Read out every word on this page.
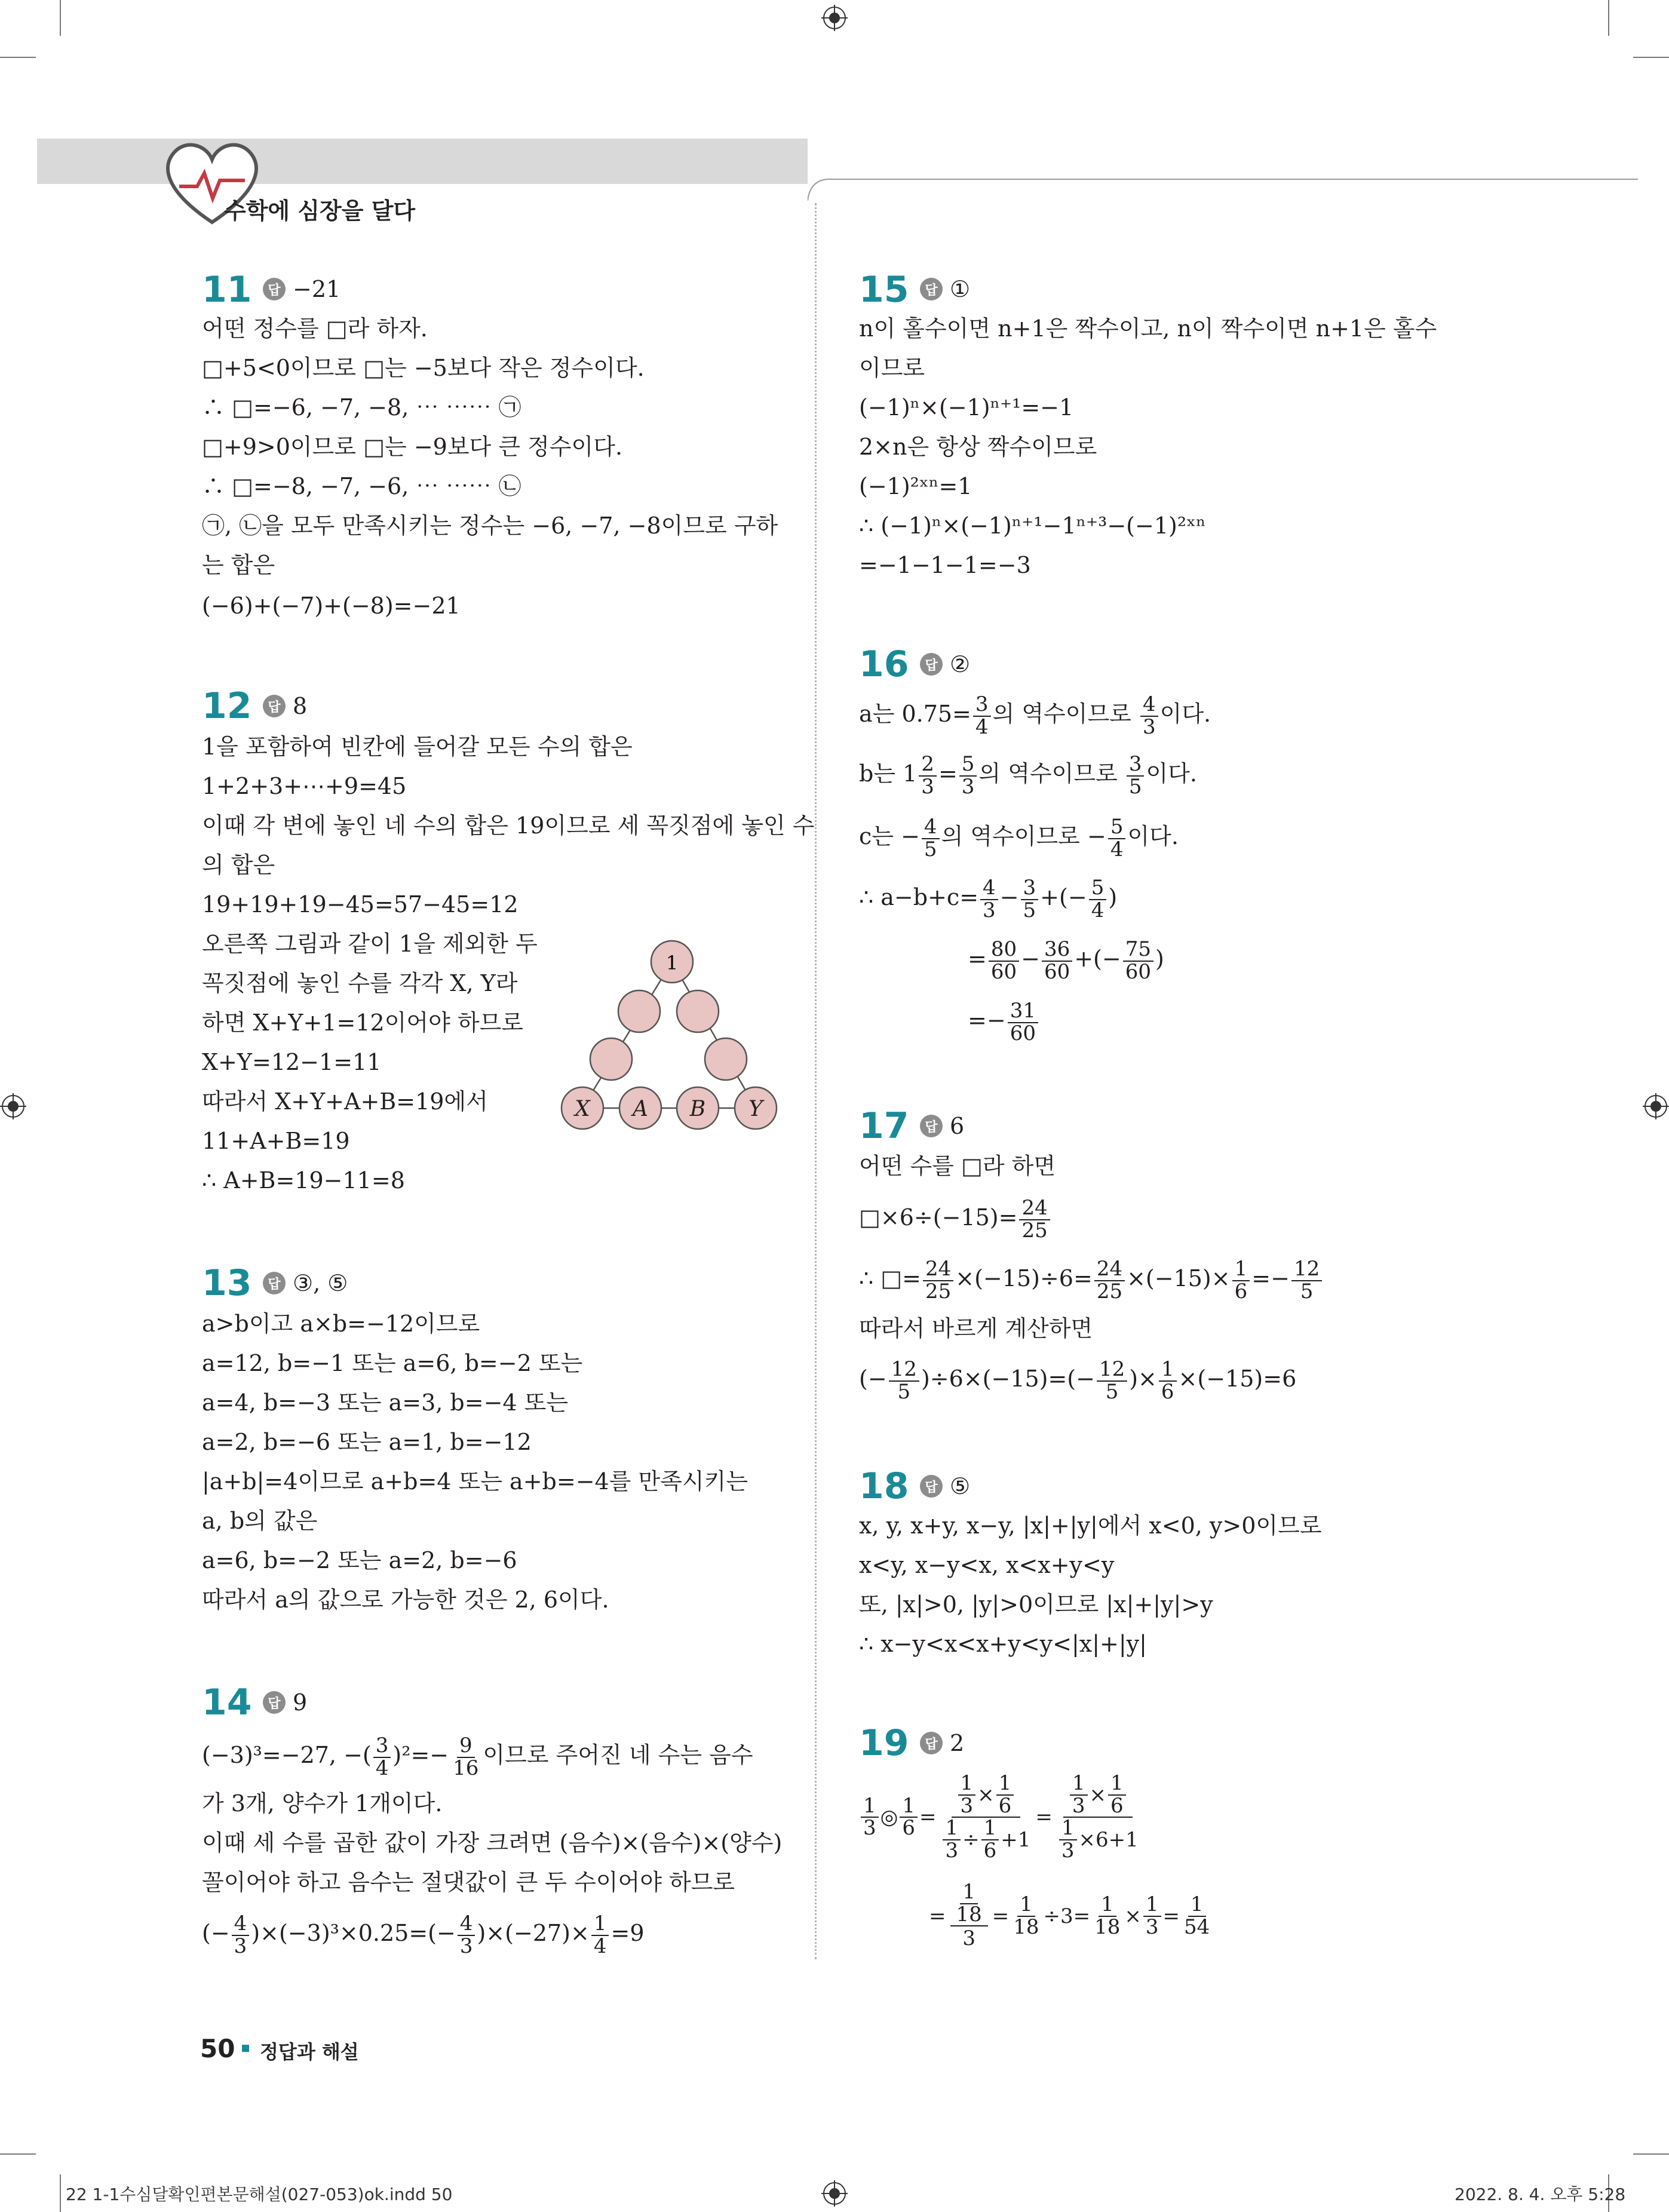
수학에 심장을 달다
11	답 −21
어떤 정수를 □라 하자.
□+5<0이므로 □는 −5보다 작은 정수이다.
∴ □=−6, −7, −8, ⋯ ⋯⋯ ㉠
□+9>0이므로 □는 −9보다 큰 정수이다.
∴ □=−8, −7, −6, ⋯ ⋯⋯ ㉡
㉠, ㉡을 모두 만족시키는 정수는 −6, −7, −8이므로 구하
는 합은
(−6)+(−7)+(−8)=−21
12	답 8
1을 포함하여 빈칸에 들어갈 모든 수의 합은
1+2+3+⋯+9=45
이때 각 변에 놓인 네 수의 합은 19이므로 세 꼭짓점에 놓인 수
의 합은
19+19+19−45=57−45=12
오른쪽 그림과 같이 1을 제외한 두
꼭짓점에 놓인 수를 각각 X, Y라
하면 X+Y+1=12이어야 하므로
X+Y=12−1=11
따라서 X+Y+A+B=19에서
11+A+B=19
∴ A+B=19−11=8
1
X A B Y
13	답 ③, ⑤
a>b이고 a×b=−12이므로
a=12, b=−1 또는 a=6, b=−2 또는
a=4, b=−3 또는 a=3, b=−4 또는
a=2, b=−6 또는 a=1, b=−12
|a+b|=4이므로 a+b=4 또는 a+b=−4를 만족시키는
a, b의 값은
a=6, b=−2 또는 a=2, b=−6
따라서 a의 값으로 가능한 것은 2, 6이다.
14	답 9
(−3)³=−27, −( $\frac{3}{4} )^2=- \frac{9}{16}$ 이므로 주어진 네 수는 음수
가 3개, 양수가 1개이다.
이때 세 수를 곱한 값이 가장 크려면 (음수)×(음수)×(양수)
꼴이어야 하고 음수는 절댓값이 큰 두 수이어야 하므로
(− $\frac{4}{3} )\times(-3)^3\times 0.25=(- \frac{4}{3} )\times(-27)\times \frac{1}{4} =9$
15	답 ①
n이 홀수이면 n+1은 짝수이고, n이 짝수이면 n+1은 홀수
이므로
(−1)ⁿ×(−1)ⁿ⁺¹=−1
2×n은 항상 짝수이므로
(−1)²ˣⁿ=1
∴ (−1)ⁿ×(−1)ⁿ⁺¹−1ⁿ⁺³−(−1)²ˣⁿ
=−1−1−1=−3
16	답 ②
a는 $0.75= \frac{3}{4}$ 의 역수이므로 $\frac{4}{3}$ 이다.
b는 $1 \frac{2}{3} = \frac{5}{3}$ 의 역수이므로 $\frac{3}{5}$ 이다.
c는 − $\frac{4}{5}$ 의 역수이므로 − $\frac{5}{4}$ 이다.
∴ $a-b+c= \frac{4}{3} - \frac{3}{5}$ +(− $\frac{5}{4}$ )
= $\frac{80}{60} - \frac{36}{60}$ +(− $\frac{75}{60}$ )
=− $\frac{31}{60}$
17	답 6
어떤 수를 □라 하면
□×6÷(−15)= $\frac{24}{25}$
∴ □= $\frac{24}{25} \times(-15)\div 6= \frac{24}{25} \times(-15)\times \frac{1}{6} =- \frac{12}{5}$
따라서 바르게 계산하면
(− $\frac{12}{5} )\div 6\times(-15)=(- \frac{12}{5}$ )× $\frac{1}{6} \times(-15)=6$
18	답 ⑤
x, y, x+y, x−y, |x|+|y|에서 x<0, y>0이므로
x<y, x−y<x, x<x+y<y
또, |x|>0, |y|>0이므로 |x|+|y|>y
∴ x−y<x<x+y<y<|x|+|y|
19	답 2
$\frac{1}{3}$ ◎ $\frac{1}{6} = \frac{\frac{1}{3} \times \frac{1}{6}}{\frac{1}{3} \div \frac{1}{6} +1} = \frac{\frac{1}{3} \times \frac{1}{6}}{\frac{1}{3} \times 6+1}$
= $\frac{\frac{1}{18}}{3} = \frac{1}{18} \div 3= \frac{1}{18} \times \frac{1}{3} = \frac{1}{54}$
50 정답과 해설
22 1-1수심달확인편본문해설(027-053)ok.indd 50	2022. 8. 4. 오후 5:28
